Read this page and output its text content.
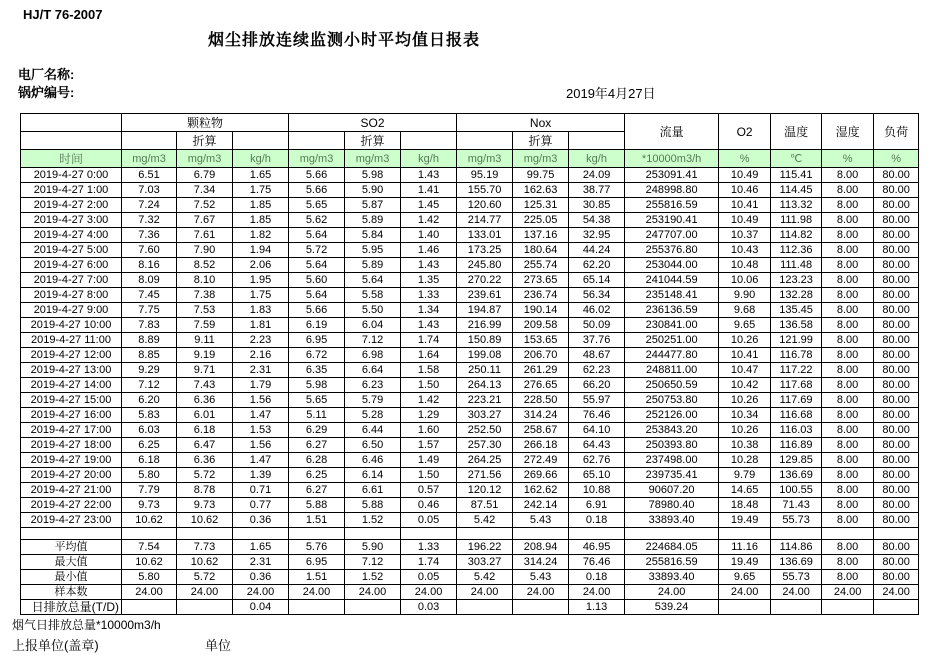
HJ/T 76-2007
烟尘排放连续监测小时平均值日报表
电厂名称:
锅炉编号:	2019年4月27日
	颗粒物			SO2			Nox			流量	O2	温度	湿度	负荷
		折算			折算			折算						
时间	mg/m3	mg/m3	kg/h	mg/m3	mg/m3	kg/h	mg/m3	mg/m3	kg/h	*10000m3/h	%	℃	%	%
2019-4-27 0:00	6.51	6.79	1.65	5.66	5.98	1.43	95.19	99.75	24.09	253091.41	10.49	115.41	8.00	80.00
2019-4-27 1:00	7.03	7.34	1.75	5.66	5.90	1.41	155.70	162.63	38.77	248998.80	10.46	114.45	8.00	80.00
2019-4-27 2:00	7.24	7.52	1.85	5.65	5.87	1.45	120.60	125.31	30.85	255816.59	10.41	113.32	8.00	80.00
2019-4-27 3:00	7.32	7.67	1.85	5.62	5.89	1.42	214.77	225.05	54.38	253190.41	10.49	111.98	8.00	80.00
2019-4-27 4:00	7.36	7.61	1.82	5.64	5.84	1.40	133.01	137.16	32.95	247707.00	10.37	114.82	8.00	80.00
2019-4-27 5:00	7.60	7.90	1.94	5.72	5.95	1.46	173.25	180.64	44.24	255376.80	10.43	112.36	8.00	80.00
2019-4-27 6:00	8.16	8.52	2.06	5.64	5.89	1.43	245.80	255.74	62.20	253044.00	10.48	111.48	8.00	80.00
2019-4-27 7:00	8.09	8.10	1.95	5.60	5.64	1.35	270.22	273.65	65.14	241044.59	10.06	123.23	8.00	80.00
2019-4-27 8:00	7.45	7.38	1.75	5.64	5.58	1.33	239.61	236.74	56.34	235148.41	9.90	132.28	8.00	80.00
2019-4-27 9:00	7.75	7.53	1.83	5.66	5.50	1.34	194.87	190.14	46.02	236136.59	9.68	135.45	8.00	80.00
2019-4-27 10:00	7.83	7.59	1.81	6.19	6.04	1.43	216.99	209.58	50.09	230841.00	9.65	136.58	8.00	80.00
2019-4-27 11:00	8.89	9.11	2.23	6.95	7.12	1.74	150.89	153.65	37.76	250251.00	10.26	121.99	8.00	80.00
2019-4-27 12:00	8.85	9.19	2.16	6.72	6.98	1.64	199.08	206.70	48.67	244477.80	10.41	116.78	8.00	80.00
2019-4-27 13:00	9.29	9.71	2.31	6.35	6.64	1.58	250.11	261.29	62.23	248811.00	10.47	117.22	8.00	80.00
2019-4-27 14:00	7.12	7.43	1.79	5.98	6.23	1.50	264.13	276.65	66.20	250650.59	10.42	117.68	8.00	80.00
2019-4-27 15:00	6.20	6.36	1.56	5.65	5.79	1.42	223.21	228.50	55.97	250753.80	10.26	117.69	8.00	80.00
2019-4-27 16:00	5.83	6.01	1.47	5.11	5.28	1.29	303.27	314.24	76.46	252126.00	10.34	116.68	8.00	80.00
2019-4-27 17:00	6.03	6.18	1.53	6.29	6.44	1.60	252.50	258.67	64.10	253843.20	10.26	116.03	8.00	80.00
2019-4-27 18:00	6.25	6.47	1.56	6.27	6.50	1.57	257.30	266.18	64.43	250393.80	10.38	116.89	8.00	80.00
2019-4-27 19:00	6.18	6.36	1.47	6.28	6.46	1.49	264.25	272.49	62.76	237498.00	10.28	129.85	8.00	80.00
2019-4-27 20:00	5.80	5.72	1.39	6.25	6.14	1.50	271.56	269.66	65.10	239735.41	9.79	136.69	8.00	80.00
2019-4-27 21:00	7.79	8.78	0.71	6.27	6.61	0.57	120.12	162.62	10.88	90607.20	14.65	100.55	8.00	80.00
2019-4-27 22:00	9.73	9.73	0.77	5.88	5.88	0.46	87.51	242.14	6.91	78980.40	18.48	71.43	8.00	80.00
2019-4-27 23:00	10.62	10.62	0.36	1.51	1.52	0.05	5.42	5.43	0.18	33893.40	19.49	55.73	8.00	80.00

平均值	7.54	7.73	1.65	5.76	5.90	1.33	196.22	208.94	46.95	224684.05	11.16	114.86	8.00	80.00
最大值	10.62	10.62	2.31	6.95	7.12	1.74	303.27	314.24	76.46	255816.59	19.49	136.69	8.00	80.00
最小值	5.80	5.72	0.36	1.51	1.52	0.05	5.42	5.43	0.18	33893.40	9.65	55.73	8.00	80.00
样本数	24.00	24.00	24.00	24.00	24.00	24.00	24.00	24.00	24.00	24.00	24.00	24.00	24.00	24.00

日排放总量(T/D)			0.04			0.03			1.13	539.24				
烟气日排放总量*10000m3/h
上报单位(盖章)	单位
